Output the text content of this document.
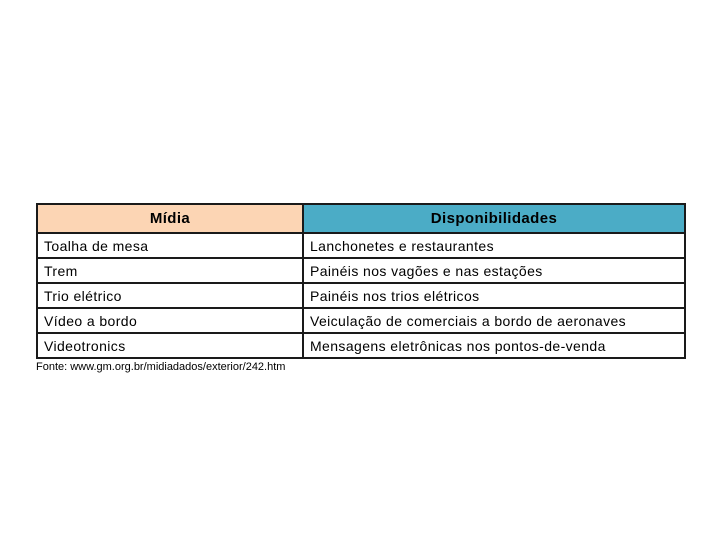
Mídia	Disponibilidades
Toalha de mesa	Lanchonetes e restaurantes
Trem	Painéis nos vagões e nas estações
Trio elétrico	Painéis nos trios elétricos
Vídeo a bordo	Veiculação de comerciais a bordo de aeronaves
Videotronics	Mensagens eletrônicas nos pontos-de-venda
Fonte: www.gm.org.br/midiadados/exterior/242.htm
